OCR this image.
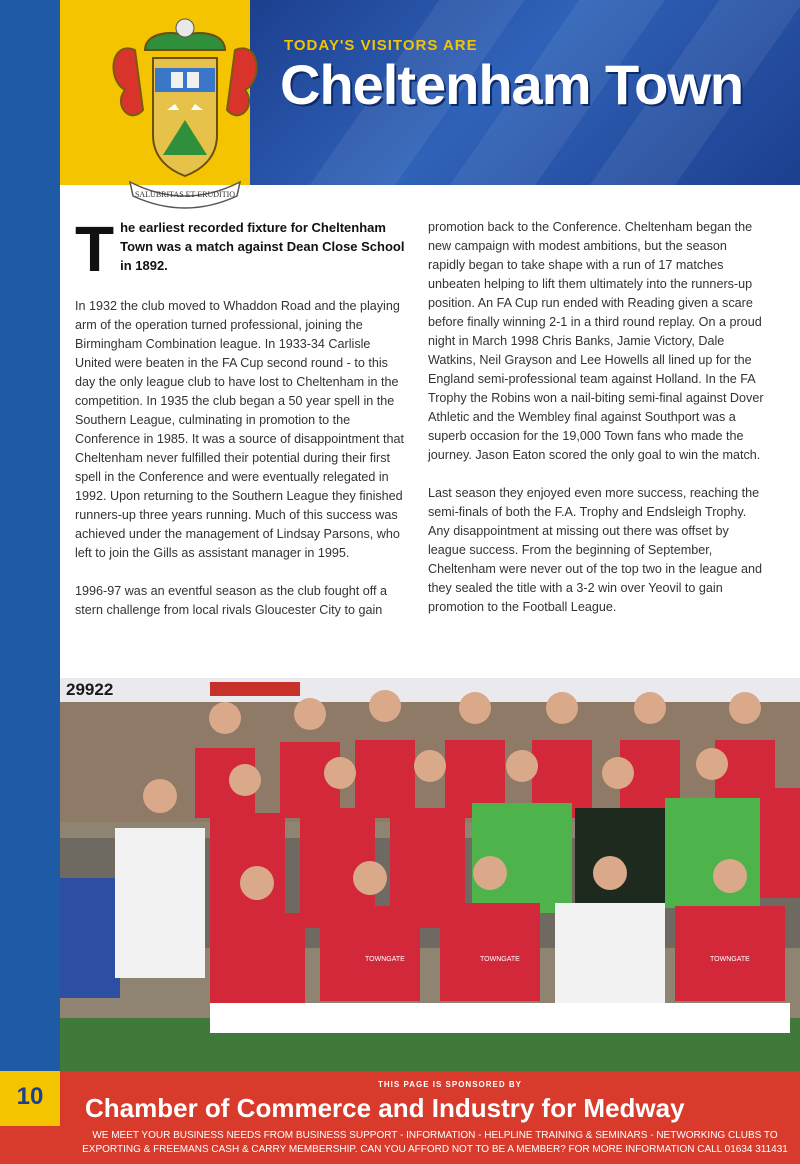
SALUBRITAS ET ERUDITIO
TODAY'S VISITORS ARE
Cheltenham Town

The earliest recorded fixture for Cheltenham Town was a match against Dean Close School in 1892.

In 1932 the club moved to Whaddon Road and the playing arm of the operation turned professional, joining the Birmingham Combination league. In 1933-34 Carlisle United were beaten in the FA Cup second round - to this day the only league club to have lost to Cheltenham in the competition. In 1935 the club began a 50 year spell in the Southern League, culminating in promotion to the Conference in 1985. It was a source of disappointment that Cheltenham never fulfilled their potential during their first spell in the Conference and were eventually relegated in 1992. Upon returning to the Southern League they finished runners-up three years running. Much of this success was achieved under the management of Lindsay Parsons, who left to join the Gills as assistant manager in 1995.

1996-97 was an eventful season as the club fought off a stern challenge from local rivals Gloucester City to gain

promotion back to the Conference. Cheltenham began the new campaign with modest ambitions, but the season rapidly began to take shape with a run of 17 matches unbeaten helping to lift them ultimately into the runners-up position. An FA Cup run ended with Reading given a scare before finally winning 2-1 in a third round replay. On a proud night in March 1998 Chris Banks, Jamie Victory, Dale Watkins, Neil Grayson and Lee Howells all lined up for the England semi-professional team against Holland. In the FA Trophy the Robins won a nail-biting semi-final against Dover Athletic and the Wembley final against Southport was a superb occasion for the 19,000 Town fans who made the journey. Jason Eaton scored the only goal to win the match.

Last season they enjoyed even more success, reaching the semi-finals of both the F.A. Trophy and Endsleigh Trophy. Any disappointment at missing out there was offset by league success. From the beginning of September, Cheltenham were never out of the top two in the league and they sealed the title with a 3-2 win over Yeovil to gain promotion to the Football League.

29922
TOWNGATE	TOWNGATE	TOWNGATE
10	THIS PAGE IS SPONSORED BY
Chamber of Commerce and Industry for Medway
WE MEET YOUR BUSINESS NEEDS FROM BUSINESS SUPPORT - INFORMATION - HELPLINE TRAINING & SEMINARS - NETWORKING CLUBS TO EXPORTING & FREEMANS CASH & CARRY MEMBERSHIP. CAN YOU AFFORD NOT TO BE A MEMBER? FOR MORE INFORMATION CALL 01634 311431
